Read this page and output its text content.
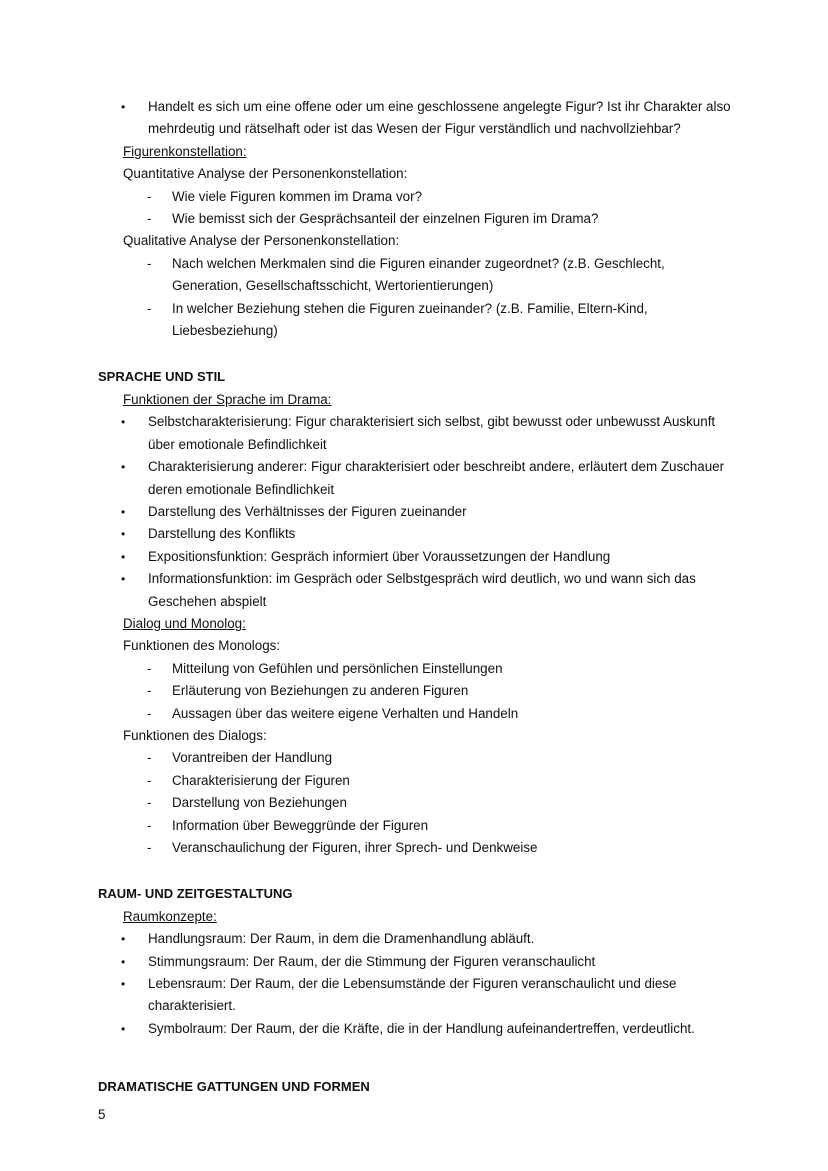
• Handelt es sich um eine offene oder um eine geschlossene angelegte Figur? Ist ihr Charakter also mehrdeutig und rätselhaft oder ist das Wesen der Figur verständlich und nachvollziehbar?
Figurenkonstellation:
Quantitative Analyse der Personenkonstellation:
- Wie viele Figuren kommen im Drama vor?
- Wie bemisst sich der Gesprächsanteil der einzelnen Figuren im Drama?
Qualitative Analyse der Personenkonstellation:
- Nach welchen Merkmalen sind die Figuren einander zugeordnet? (z.B. Geschlecht, Generation, Gesellschaftsschicht, Wertorientierungen)
- In welcher Beziehung stehen die Figuren zueinander? (z.B. Familie, Eltern-Kind, Liebesbeziehung)
SPRACHE UND STIL
Funktionen der Sprache im Drama:
• Selbstcharakterisierung: Figur charakterisiert sich selbst, gibt bewusst oder unbewusst Auskunft über emotionale Befindlichkeit
• Charakterisierung anderer: Figur charakterisiert oder beschreibt andere, erläutert dem Zuschauer deren emotionale Befindlichkeit
• Darstellung des Verhältnisses der Figuren zueinander
• Darstellung des Konflikts
• Expositionsfunktion: Gespräch informiert über Voraussetzungen der Handlung
• Informationsfunktion: im Gespräch oder Selbstgespräch wird deutlich, wo und wann sich das Geschehen abspielt
Dialog und Monolog:
Funktionen des Monologs:
- Mitteilung von Gefühlen und persönlichen Einstellungen
- Erläuterung von Beziehungen zu anderen Figuren
- Aussagen über das weitere eigene Verhalten und Handeln
Funktionen des Dialogs:
- Vorantreiben der Handlung
- Charakterisierung der Figuren
- Darstellung von Beziehungen
- Information über Beweggründe der Figuren
- Veranschaulichung der Figuren, ihrer Sprech- und Denkweise
RAUM- UND ZEITGESTALTUNG
Raumkonzepte:
• Handlungsraum: Der Raum, in dem die Dramenhandlung abläuft.
• Stimmungsraum: Der Raum, der die Stimmung der Figuren veranschaulicht
• Lebensraum: Der Raum, der die Lebensumstände der Figuren veranschaulicht und diese charakterisiert.
• Symbolraum: Der Raum, der die Kräfte, die in der Handlung aufeinandertreffen, verdeutlicht.
DRAMATISCHE GATTUNGEN UND FORMEN
5
